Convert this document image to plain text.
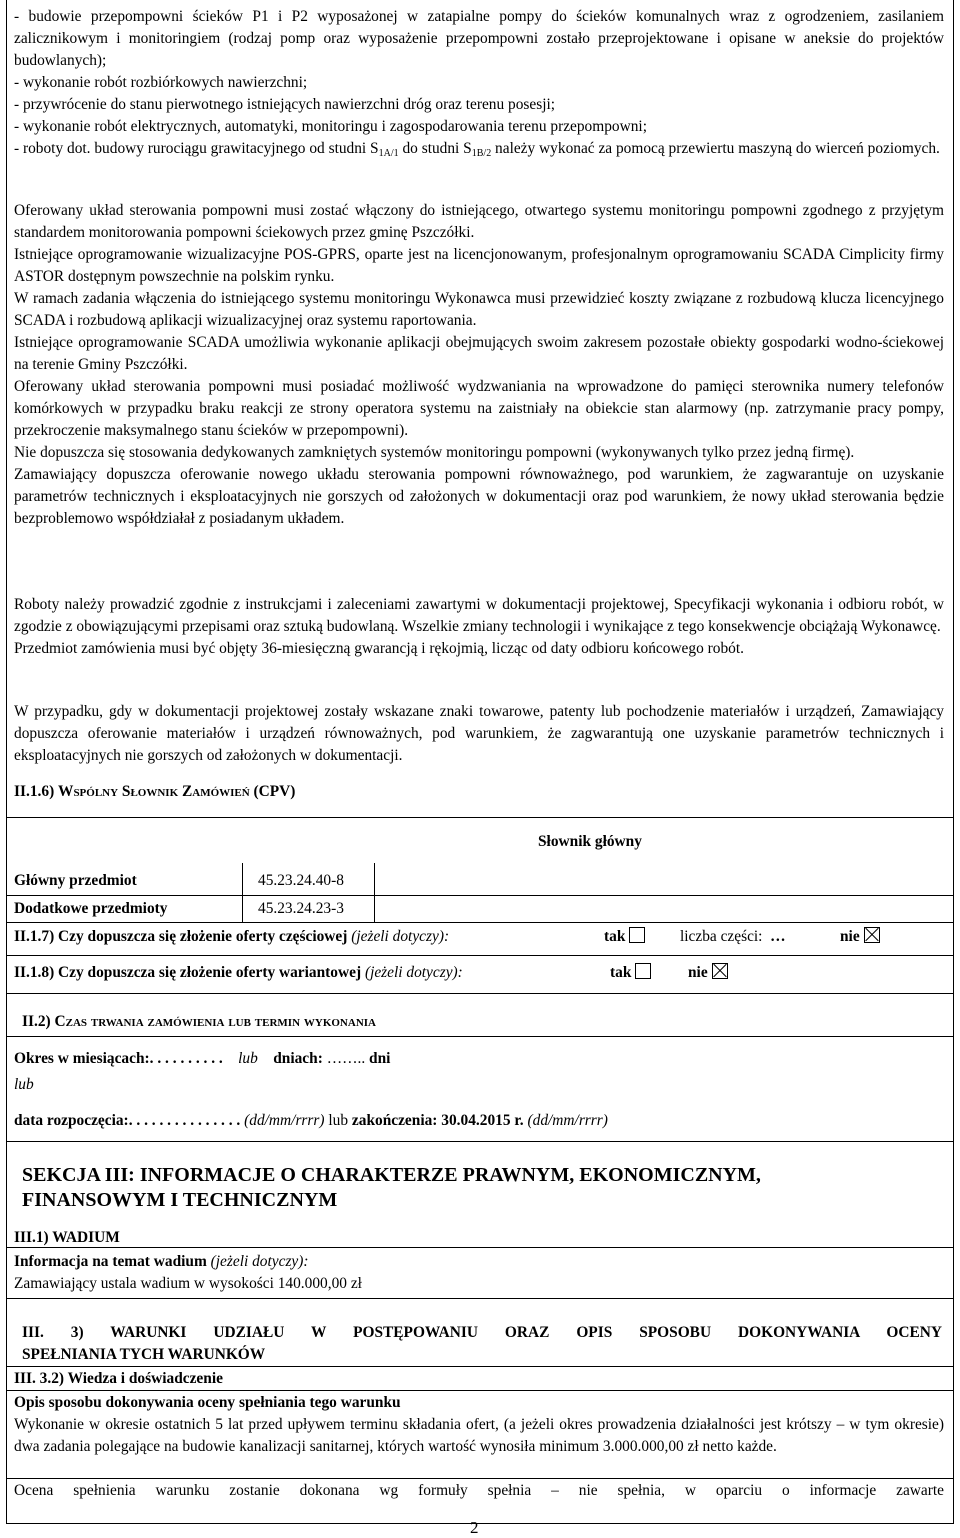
- budowie przepompowni ścieków P1 i P2 wyposażonej w zatapialne pompy do ścieków komunalnych wraz z ogrodzeniem, zasilaniem zalicznikowym i monitoringiem (rodzaj pomp oraz wyposażenie przepompowni zostało przeprojektowane i opisane w aneksie do projektów budowlanych);
- wykonanie robót rozbiórkowych nawierzchni;
- przywrócenie do stanu pierwotnego istniejących nawierzchni dróg oraz terenu posesji;
- wykonanie robót elektrycznych, automatyki, monitoringu i zagospodarowania terenu przepompowni;
- roboty dot. budowy rurociągu grawitacyjnego od studni $S_{1A/1}$ do studni $S_{1B/2}$ należy wykonać za pomocą przewiertu maszyną do wierceń poziomych.
Oferowany układ sterowania pompowni musi zostać włączony do istniejącego, otwartego systemu monitoringu pompowni zgodnego z przyjętym standardem monitorowania pompowni ściekowych przez gminę Pszczółki.
Istniejące oprogramowanie wizualizacyjne POS-GPRS, oparte jest na licencjonowanym, profesjonalnym oprogramowaniu SCADA Cimplicity firmy ASTOR dostępnym powszechnie na polskim rynku.
W ramach zadania włączenia do istniejącego systemu monitoringu Wykonawca musi przewidzieć koszty związane z rozbudową klucza licencyjnego SCADA i rozbudową aplikacji wizualizacyjnej oraz systemu raportowania.
Istniejące oprogramowanie SCADA umożliwia wykonanie aplikacji obejmujących swoim zakresem pozostałe obiekty gospodarki wodno-ściekowej na terenie Gminy Pszczółki.
Oferowany układ sterowania pompowni musi posiadać możliwość wydzwaniania na wprowadzone do pamięci sterownika numery telefonów komórkowych w przypadku braku reakcji ze strony operatora systemu na zaistniały na obiekcie stan alarmowy (np. zatrzymanie pracy pompy, przekroczenie maksymalnego stanu ścieków w przepompowni).
Nie dopuszcza się stosowania dedykowanych zamkniętych systemów monitoringu pompowni (wykonywanych tylko przez jedną firmę).
Zamawiający dopuszcza oferowanie nowego układu sterowania pompowni równoważnego, pod warunkiem, że zagwarantuje on uzyskanie parametrów technicznych i eksploatacyjnych nie gorszych od założonych w dokumentacji oraz pod warunkiem, że nowy układ sterowania będzie bezproblemowo współdziałał z posiadanym układem.
Roboty należy prowadzić zgodnie z instrukcjami i zaleceniami zawartymi w dokumentacji projektowej, Specyfikacji wykonania i odbioru robót, w zgodzie z obowiązującymi przepisami oraz sztuką budowlaną. Wszelkie zmiany technologii i wynikające z tego konsekwencje obciążają Wykonawcę.
Przedmiot zamówienia musi być objęty 36-miesięczną gwarancją i rękojmią, licząc od daty odbioru końcowego robót.
W przypadku, gdy w dokumentacji projektowej zostały wskazane znaki towarowe, patenty lub pochodzenie materiałów i urządzeń, Zamawiający dopuszcza oferowanie materiałów i urządzeń równoważnych, pod warunkiem, że zagwarantują one uzyskanie parametrów technicznych i eksploatacyjnych nie gorszych od założonych w dokumentacji.
II.1.6) Wspólny Słownik Zamówień (CPV)
Słownik główny
Główny przedmiot	45.23.24.40-8
Dodatkowe przedmioty	45.23.24.23-3
II.1.7) Czy dopuszcza się złożenie oferty częściowej (jeżeli dotyczy):	tak	liczba części: …	nie
II.1.8) Czy dopuszcza się złożenie oferty wariantowej (jeżeli dotyczy):	tak	nie
II.2) Czas trwania zamówienia lub termin wykonania
Okres w miesiącach:. . . . . . . . . . lub dniach: …….. dni
lub
data rozpoczęcia:. . . . . . . . . . . . . . . (dd/mm/rrrr) lub zakończenia: 30.04.2015 r. (dd/mm/rrrr)
SEKCJA III: INFORMACJE O CHARAKTERZE PRAWNYM, EKONOMICZNYM,
FINANSOWYM I TECHNICZNYM
III.1) WADIUM
Informacja na temat wadium (jeżeli dotyczy):
Zamawiający ustala wadium w wysokości 140.000,00 zł
III. 3) WARUNKI UDZIAŁU W POSTĘPOWANIU ORAZ OPIS SPOSOBU DOKONYWANIA OCENY
SPEŁNIANIA TYCH WARUNKÓW
III. 3.2) Wiedza i doświadczenie
Opis sposobu dokonywania oceny spełniania tego warunku
Wykonanie w okresie ostatnich 5 lat przed upływem terminu składania ofert, (a jeżeli okres prowadzenia działalności jest krótszy – w tym okresie) dwa zadania polegające na budowie kanalizacji sanitarnej, których wartość wynosiła minimum 3.000.000,00 zł netto każde.
Ocena spełnienia warunku zostanie dokonana wg formuły spełnia – nie spełnia, w oparciu o informacje zawarte
2
